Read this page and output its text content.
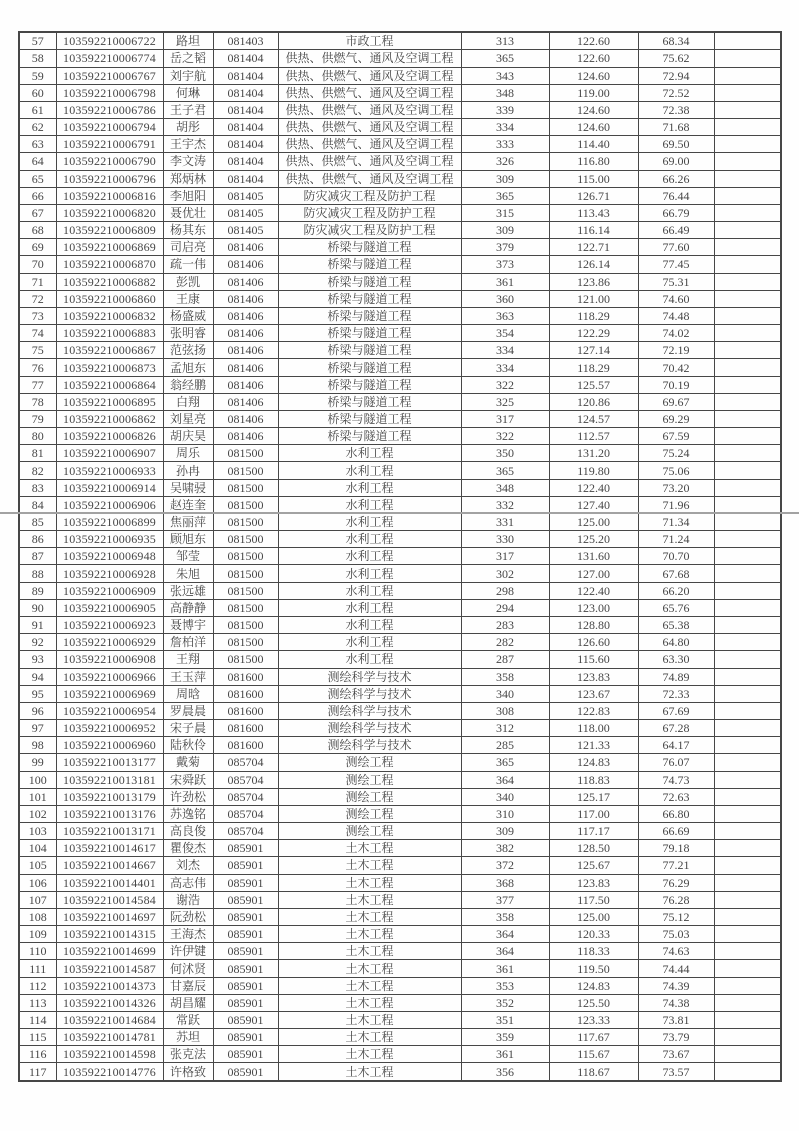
57	103592210006722	路坦	081403	市政工程	313	122.60	68.34	
58	103592210006774	岳之韬	081404	供热、供燃气、通风及空调工程	365	122.60	75.62	
59	103592210006767	刘宇航	081404	供热、供燃气、通风及空调工程	343	124.60	72.94	
60	103592210006798	何琳	081404	供热、供燃气、通风及空调工程	348	119.00	72.52	
61	103592210006786	王子君	081404	供热、供燃气、通风及空调工程	339	124.60	72.38	
62	103592210006794	胡彤	081404	供热、供燃气、通风及空调工程	334	124.60	71.68	
63	103592210006791	王宇杰	081404	供热、供燃气、通风及空调工程	333	114.40	69.50	
64	103592210006790	李文涛	081404	供热、供燃气、通风及空调工程	326	116.80	69.00	
65	103592210006796	郑炳林	081404	供热、供燃气、通风及空调工程	309	115.00	66.26	
66	103592210006816	李旭阳	081405	防灾减灾工程及防护工程	365	126.71	76.44	
67	103592210006820	聂优壮	081405	防灾减灾工程及防护工程	315	113.43	66.79	
68	103592210006809	杨其东	081405	防灾减灾工程及防护工程	309	116.14	66.49	
69	103592210006869	司启亮	081406	桥梁与隧道工程	379	122.71	77.60	
70	103592210006870	疏一伟	081406	桥梁与隧道工程	373	126.14	77.45	
71	103592210006882	彭凯	081406	桥梁与隧道工程	361	123.86	75.31	
72	103592210006860	王康	081406	桥梁与隧道工程	360	121.00	74.60	
73	103592210006832	杨盛威	081406	桥梁与隧道工程	363	118.29	74.48	
74	103592210006883	张明睿	081406	桥梁与隧道工程	354	122.29	74.02	
75	103592210006867	范弦扬	081406	桥梁与隧道工程	334	127.14	72.19	
76	103592210006873	孟旭东	081406	桥梁与隧道工程	334	118.29	70.42	
77	103592210006864	翁经鹏	081406	桥梁与隧道工程	322	125.57	70.19	
78	103592210006895	白翔	081406	桥梁与隧道工程	325	120.86	69.67	
79	103592210006862	刘星亮	081406	桥梁与隧道工程	317	124.57	69.29	
80	103592210006826	胡庆昊	081406	桥梁与隧道工程	322	112.57	67.59	
81	103592210006907	周乐	081500	水利工程	350	131.20	75.24	
82	103592210006933	孙冉	081500	水利工程	365	119.80	75.06	
83	103592210006914	吴啸骎	081500	水利工程	348	122.40	73.20	
84	103592210006906	赵连奎	081500	水利工程	332	127.40	71.96	
85	103592210006899	焦丽萍	081500	水利工程	331	125.00	71.34	
86	103592210006935	顾旭东	081500	水利工程	330	125.20	71.24	
87	103592210006948	邹莹	081500	水利工程	317	131.60	70.70	
88	103592210006928	朱旭	081500	水利工程	302	127.00	67.68	
89	103592210006909	张远雄	081500	水利工程	298	122.40	66.20	
90	103592210006905	高静静	081500	水利工程	294	123.00	65.76	
91	103592210006923	聂博宇	081500	水利工程	283	128.80	65.38	
92	103592210006929	詹柏洋	081500	水利工程	282	126.60	64.80	
93	103592210006908	王翔	081500	水利工程	287	115.60	63.30	
94	103592210006966	王玉萍	081600	测绘科学与技术	358	123.83	74.89	
95	103592210006969	周晗	081600	测绘科学与技术	340	123.67	72.33	
96	103592210006954	罗晨晨	081600	测绘科学与技术	308	122.83	67.69	
97	103592210006952	宋子晨	081600	测绘科学与技术	312	118.00	67.28	
98	103592210006960	陆秋伶	081600	测绘科学与技术	285	121.33	64.17	
99	103592210013177	戴菊	085704	测绘工程	365	124.83	76.07	
100	103592210013181	宋舜跃	085704	测绘工程	364	118.83	74.73	
101	103592210013179	许劲松	085704	测绘工程	340	125.17	72.63	
102	103592210013176	苏逸铭	085704	测绘工程	310	117.00	66.80	
103	103592210013171	高良俊	085704	测绘工程	309	117.17	66.69	
104	103592210014617	瞿俊杰	085901	土木工程	382	128.50	79.18	
105	103592210014667	刘杰	085901	土木工程	372	125.67	77.21	
106	103592210014401	高志伟	085901	土木工程	368	123.83	76.29	
107	103592210014584	谢浩	085901	土木工程	377	117.50	76.28	
108	103592210014697	阮劲松	085901	土木工程	358	125.00	75.12	
109	103592210014315	王海杰	085901	土木工程	364	120.33	75.03	
110	103592210014699	许伊键	085901	土木工程	364	118.33	74.63	
111	103592210014587	何沭贤	085901	土木工程	361	119.50	74.44	
112	103592210014373	甘嘉辰	085901	土木工程	353	124.83	74.39	
113	103592210014326	胡昌耀	085901	土木工程	352	125.50	74.38	
114	103592210014684	常跃	085901	土木工程	351	123.33	73.81	
115	103592210014781	苏坦	085901	土木工程	359	117.67	73.79	
116	103592210014598	张克法	085901	土木工程	361	115.67	73.67	
117	103592210014776	许格致	085901	土木工程	356	118.67	73.57	
